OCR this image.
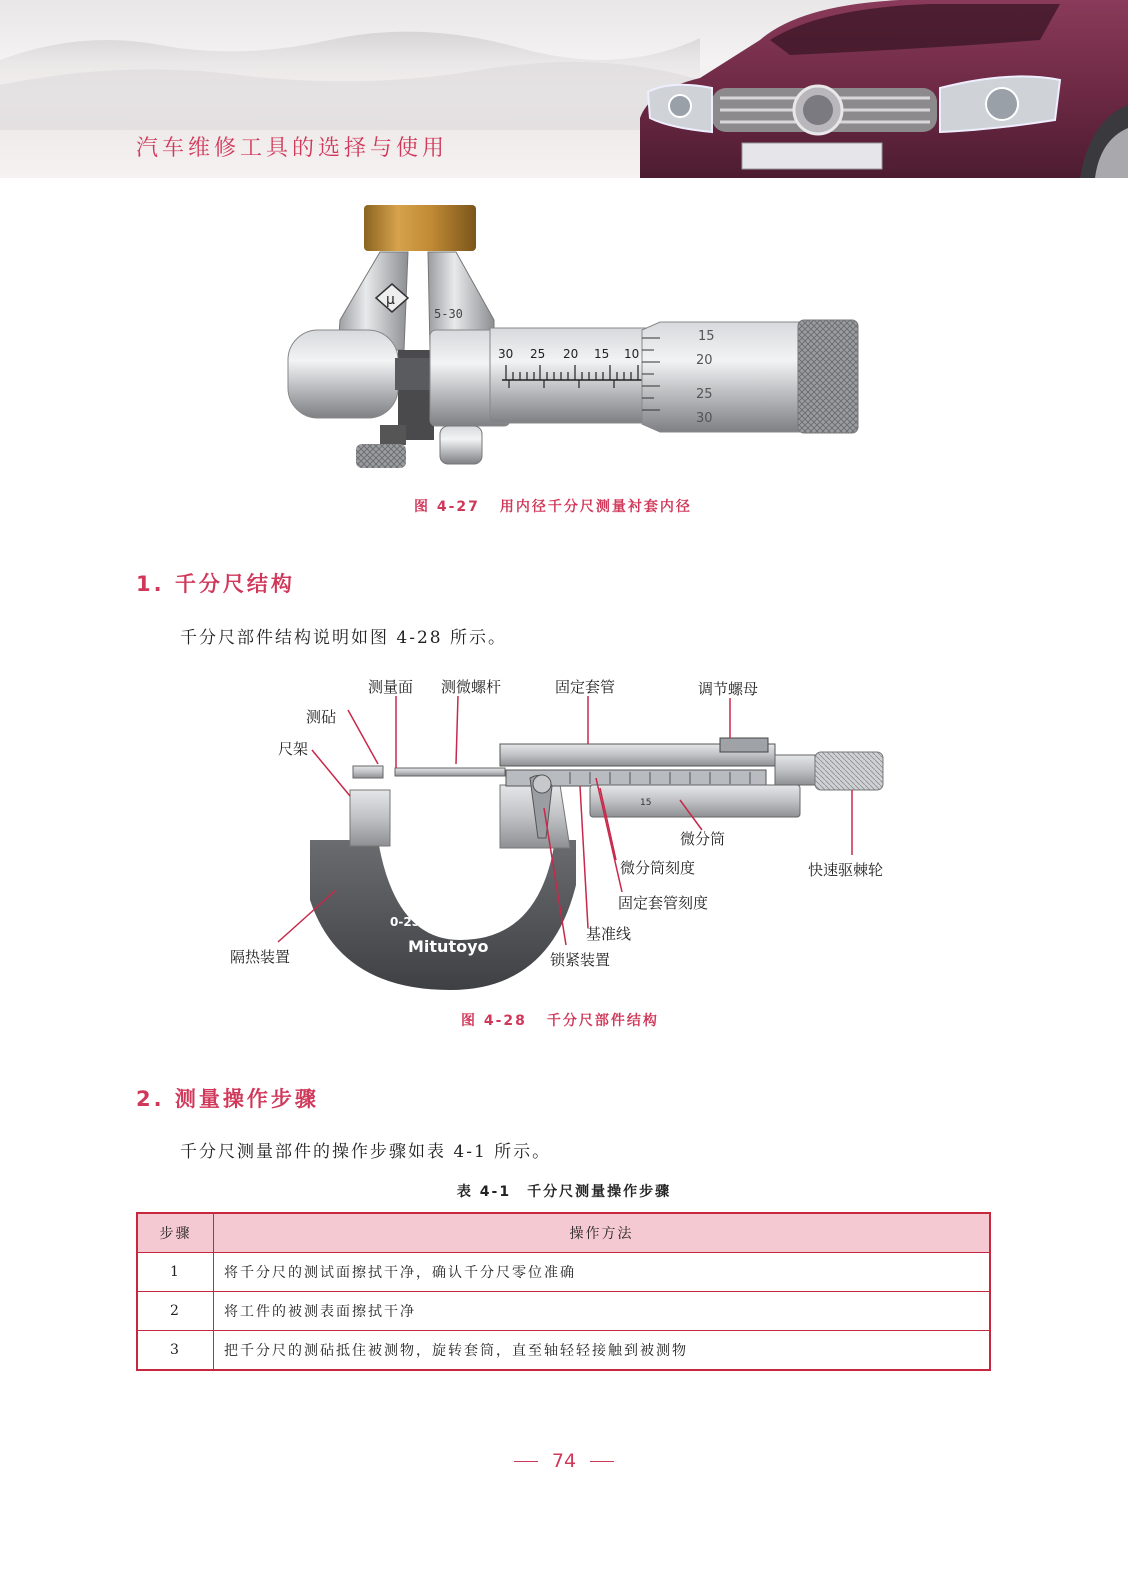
汽车维修工具的选择与使用
μ
5-30
30 25 20 15 10
15
20
25
30
图 4-27 用内径千分尺测量衬套内径
1. 千分尺结构
千分尺部件结构说明如图 4-28 所示。
15
0-25mm 0.01mm
Mitutoyo
测量面 测微螺杆	固定套管	调节螺母
测砧
尺架
微分筒
快速驱棘轮
微分筒刻度
固定套管刻度
基准线
隔热装置	锁紧装置
图 4-28 千分尺部件结构
2. 测量操作步骤
千分尺测量部件的操作步骤如表 4-1 所示。
表 4-1　千分尺测量操作步骤
步骤	操作方法
1	将千分尺的测试面擦拭干净，确认千分尺零位准确
2	将工件的被测表面擦拭干净
3	把千分尺的测砧抵住被测物，旋转套筒，直至轴轻轻接触到被测物
74
